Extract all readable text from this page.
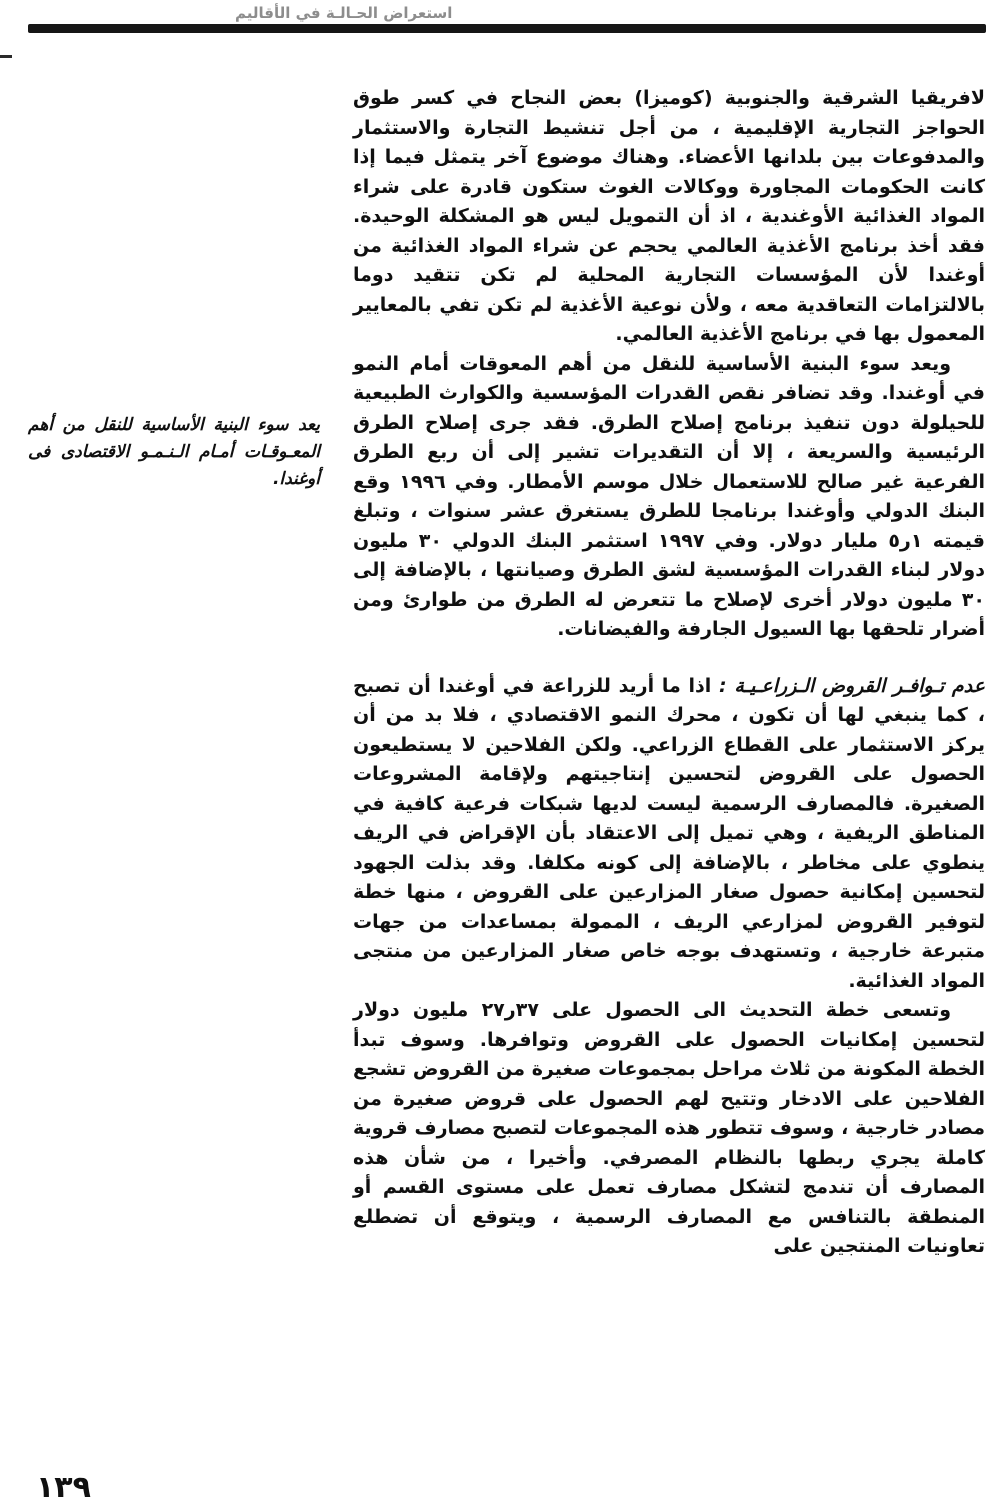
استعراض الحـالـة في الأقاليم
يعد سوء البنية الأساسية للنقل من أهم المعـوقـات أمـام الـنـمـو الاقتصادى فى أوغندا.

لافريقيا الشرقية والجنوبية (كوميزا) بعض النجاح في كسر طوق الحواجز التجارية الإقليمية ، من أجل تنشيط التجارة والاستثمار والمدفوعات بين بلدانها الأعضاء. وهناك موضوع آخر يتمثل فيما إذا كانت الحكومات المجاورة ووكالات الغوث ستكون قادرة على شراء المواد الغذائية الأوغندية ، اذ أن التمويل ليس هو المشكلة الوحيدة. فقد أخذ برنامج الأغذية العالمي يحجم عن شراء المواد الغذائية من أوغندا لأن المؤسسات التجارية المحلية لم تكن تتقيد دوما بالالتزامات التعاقدية معه ، ولأن نوعية الأغذية لم تكن تفي بالمعايير المعمول بها في برنامج الأغذية العالمي.

ويعد سوء البنية الأساسية للنقل من أهم المعوقات أمام النمو في أوغندا. وقد تضافر نقص القدرات المؤسسية والكوارث الطبيعية للحيلولة دون تنفيذ برنامج إصلاح الطرق. فقد جرى إصلاح الطرق الرئيسية والسريعة ، إلا أن التقديرات تشير إلى أن ربع الطرق الفرعية غير صالح للاستعمال خلال موسم الأمطار. وفي ١٩٩٦ وقع البنك الدولي وأوغندا برنامجا للطرق يستغرق عشر سنوات ، وتبلغ قيمته ١ر٥ مليار دولار. وفي ١٩٩٧ استثمر البنك الدولي ٣٠ مليون دولار لبناء القدرات المؤسسية لشق الطرق وصيانتها ، بالإضافة إلى ٣٠ مليون دولار أخرى لإصلاح ما تتعرض له الطرق من طوارئ ومن أضرار تلحقها بها السيول الجارفة والفيضانات.

عدم تـوافـر القروض الـزراعـيـة : اذا ما أريد للزراعة في أوغندا أن تصبح ، كما ينبغي لها أن تكون ، محرك النمو الاقتصادي ، فلا بد من أن يركز الاستثمار على القطاع الزراعي. ولكن الفلاحين لا يستطيعون الحصول على القروض لتحسين إنتاجيتهم ولإقامة المشروعات الصغيرة. فالمصارف الرسمية ليست لديها شبكات فرعية كافية في المناطق الريفية ، وهي تميل إلى الاعتقاد بأن الإقراض في الريف ينطوي على مخاطر ، بالإضافة إلى كونه مكلفا. وقد بذلت الجهود لتحسين إمكانية حصول صغار المزارعين على القروض ، منها خطة لتوفير القروض لمزارعي الريف ، الممولة بمساعدات من جهات متبرعة خارجية ، وتستهدف بوجه خاص صغار المزارعين من منتجى المواد الغذائية.

وتسعى خطة التحديث الى الحصول على ٣٧ر٢٧ مليون دولار لتحسين إمكانيات الحصول على القروض وتوافرها. وسوف تبدأ الخطة المكونة من ثلاث مراحل بمجموعات صغيرة من القروض تشجع الفلاحين على الادخار وتتيح لهم الحصول على قروض صغيرة من مصادر خارجية ، وسوف تتطور هذه المجموعات لتصبح مصارف قروية كاملة يجري ربطها بالنظام المصرفي. وأخيرا ، من شأن هذه المصارف أن تندمج لتشكل مصارف تعمل على مستوى القسم أو المنطقة بالتنافس مع المصارف الرسمية ، ويتوقع أن تضطلع تعاونيات المنتجين على

١٣٩
